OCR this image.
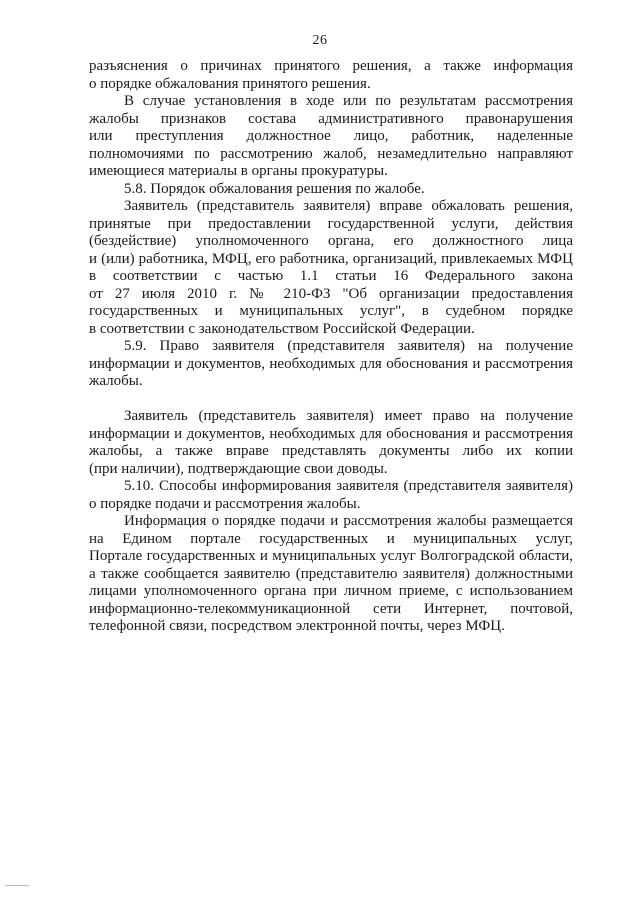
26
разъяснения о причинах принятого решения, а также информация
о порядке обжалования принятого решения.
В случае установления в ходе или по результатам рассмотрения
жалобы признаков состава административного правонарушения
или преступления должностное лицо, работник, наделенные
полномочиями по рассмотрению жалоб, незамедлительно направляют
имеющиеся материалы в органы прокуратуры.
5.8. Порядок обжалования решения по жалобе.
Заявитель (представитель заявителя) вправе обжаловать решения,
принятые при предоставлении государственной услуги, действия
(бездействие) уполномоченного органа, его должностного лица
и (или) работника, МФЦ, его работника, организаций, привлекаемых МФЦ
в соответствии с частью 1.1 статьи 16 Федерального закона
от 27 июля 2010 г. № 210-ФЗ "Об организации предоставления
государственных и муниципальных услуг", в судебном порядке
в соответствии с законодательством Российской Федерации.
5.9. Право заявителя (представителя заявителя) на получение
информации и документов, необходимых для обоснования и рассмотрения
жалобы.
Заявитель (представитель заявителя) имеет право на получение
информации и документов, необходимых для обоснования и рассмотрения
жалобы, а также вправе представлять документы либо их копии
(при наличии), подтверждающие свои доводы.
5.10. Способы информирования заявителя (представителя заявителя)
о порядке подачи и рассмотрения жалобы.
Информация о порядке подачи и рассмотрения жалобы размещается
на Едином портале государственных и муниципальных услуг,
Портале государственных и муниципальных услуг Волгоградской области,
а также сообщается заявителю (представителю заявителя) должностными
лицами уполномоченного органа при личном приеме, с использованием
информационно-телекоммуникационной сети Интернет, почтовой,
телефонной связи, посредством электронной почты, через МФЦ.
